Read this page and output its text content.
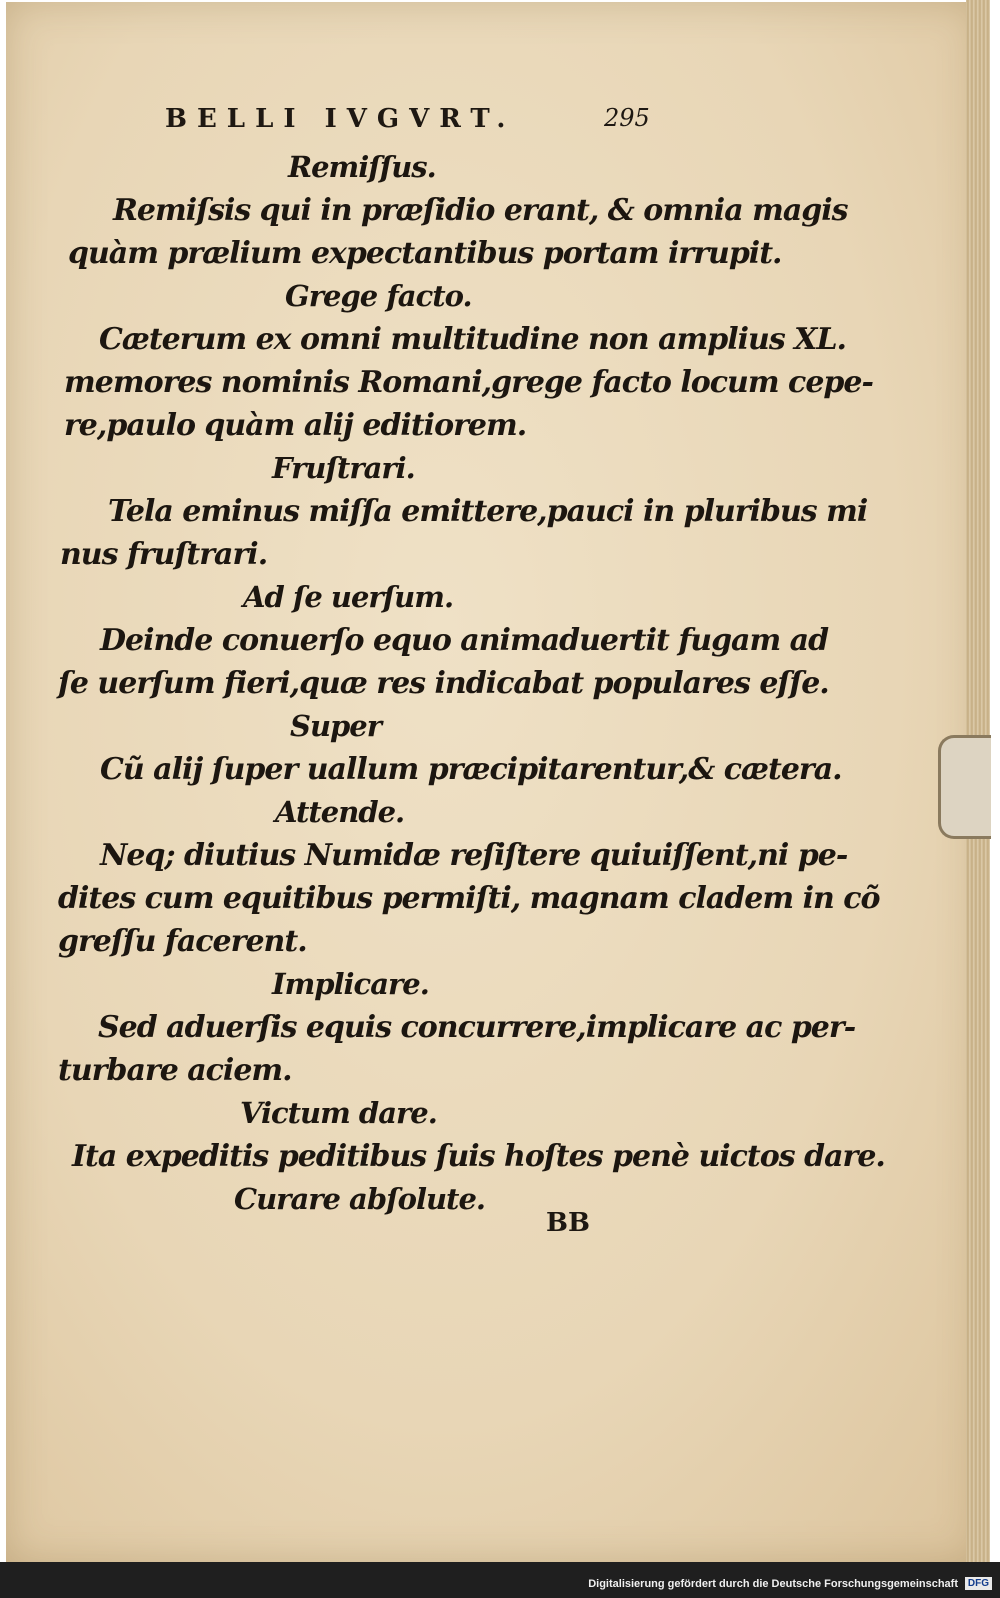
BELLI IVGVRT.	295
Remiſſus.
Remiſsis qui in præſidio erant, & omnia magis
quàm prælium expectantibus portam irrupit.
Grege facto.
Cæterum ex omni multitudine non amplius XL.
memores nominis Romani,grege facto locum cepe-
re,paulo quàm alij editiorem.
Fruſtrari.
Tela eminus miſſa emittere,pauci in pluribus mi
nus fruſtrari.
Ad ſe uerſum.
Deinde conuerſo equo animaduertit fugam ad
ſe uerſum fieri,quæ res indicabat populares eſſe.
Super
Cũ alij ſuper uallum præcipitarentur,& cætera.
Attende.
Neq; diutius Numidæ reſiſtere quiuiſſent,ni pe-
dites cum equitibus permiſti, magnam cladem in cõ
greſſu facerent.
Implicare.
Sed aduerſis equis concurrere,implicare ac per-
turbare aciem.
Victum dare.
Ita expeditis peditibus ſuis hoſtes penè uictos dare.
Curare abſolute.
BB
Digitalisierung gefördert durch die Deutsche Forschungsgemeinschaft DFG
